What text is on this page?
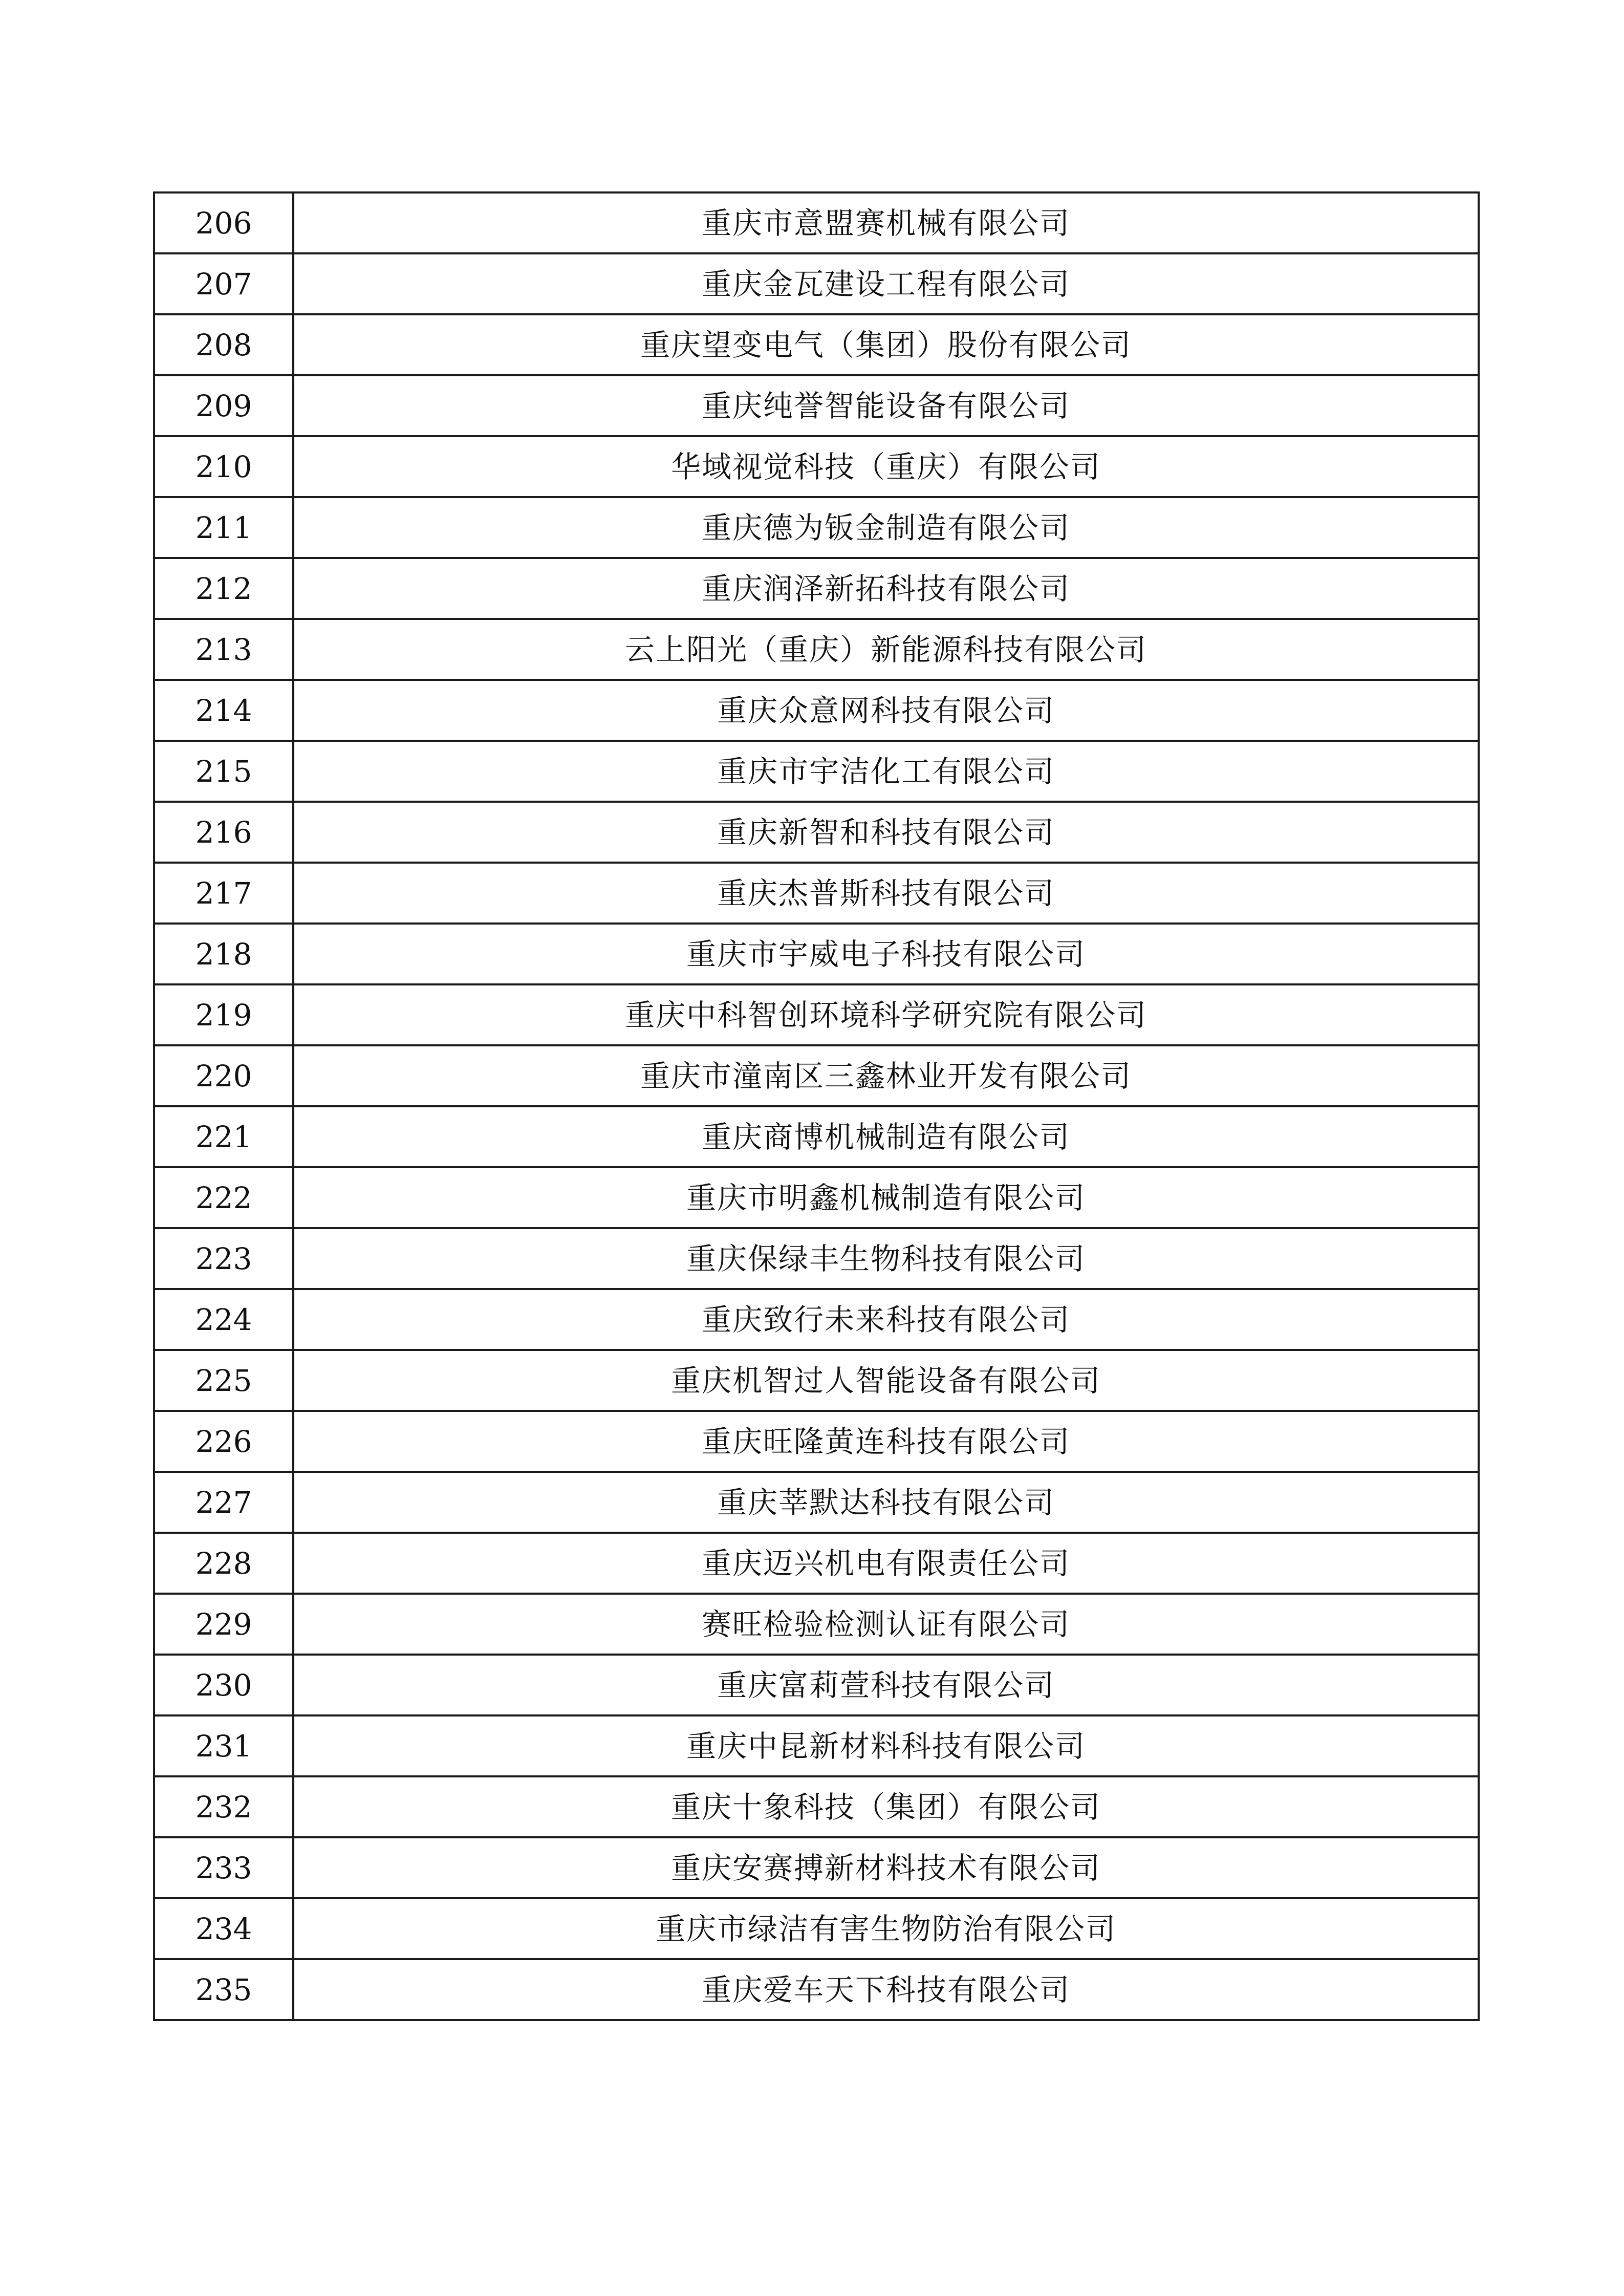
206	重庆市意盟赛机械有限公司
207	重庆金瓦建设工程有限公司
208	重庆望变电气（集团）股份有限公司
209	重庆纯誉智能设备有限公司
210	华域视觉科技（重庆）有限公司
211	重庆德为钣金制造有限公司
212	重庆润泽新拓科技有限公司
213	云上阳光（重庆）新能源科技有限公司
214	重庆众意网科技有限公司
215	重庆市宇洁化工有限公司
216	重庆新智和科技有限公司
217	重庆杰普斯科技有限公司
218	重庆市宇威电子科技有限公司
219	重庆中科智创环境科学研究院有限公司
220	重庆市潼南区三鑫林业开发有限公司
221	重庆商博机械制造有限公司
222	重庆市明鑫机械制造有限公司
223	重庆保绿丰生物科技有限公司
224	重庆致行未来科技有限公司
225	重庆机智过人智能设备有限公司
226	重庆旺隆黄连科技有限公司
227	重庆莘默达科技有限公司
228	重庆迈兴机电有限责任公司
229	赛旺检验检测认证有限公司
230	重庆富莉萱科技有限公司
231	重庆中昆新材料科技有限公司
232	重庆十象科技（集团）有限公司
233	重庆安赛搏新材料技术有限公司
234	重庆市绿洁有害生物防治有限公司
235	重庆爱车天下科技有限公司
